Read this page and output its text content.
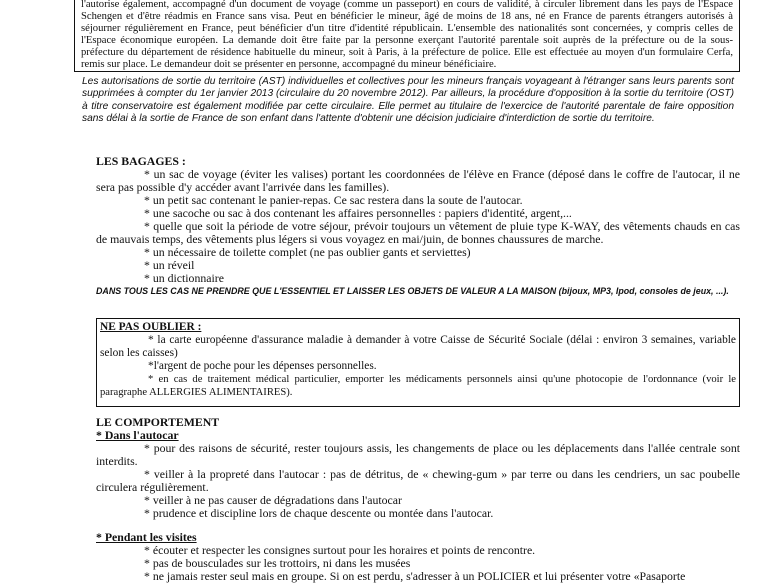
l'autorise également, accompagné d'un document de voyage (comme un passeport) en cours de validité, à circuler librement dans les pays de l'Espace Schengen et d'être réadmis en France sans visa. Peut en bénéficier le mineur, âgé de moins de 18 ans, né en France de parents étrangers autorisés à séjourner régulièrement en France, peut bénéficier d'un titre d'identité républicain. L'ensemble des nationalités sont concernées, y compris celles de l'Espace économique européen. La demande doit être faite par la personne exerçant l'autorité parentale soit auprès de la préfecture ou de la sous-préfecture du département de résidence habituelle du mineur, soit à Paris, à la préfecture de police. Elle est effectuée au moyen d'un formulaire Cerfa, remis sur place. Le demandeur doit se présenter en personne, accompagné du mineur bénéficiaire.

Les autorisations de sortie du territoire (AST) individuelles et collectives pour les mineurs français voyageant à l'étranger sans leurs parents sont supprimées à compter du 1er janvier 2013 (circulaire du 20 novembre 2012). Par ailleurs, la procédure d'opposition à la sortie du territoire (OST) à titre conservatoire est également modifiée par cette circulaire. Elle permet au titulaire de l'exercice de l'autorité parentale de faire opposition sans délai à la sortie de France de son enfant dans l'attente d'obtenir une décision judiciaire d'interdiction de sortie du territoire.

LES BAGAGES :

* un sac de voyage (éviter les valises) portant les coordonnées de l'élève en France (déposé dans le coffre de l'autocar, il ne sera pas possible d'y accéder avant l'arrivée dans les familles).

* un petit sac contenant le panier-repas. Ce sac restera dans la soute de l'autocar.

* une sacoche ou sac à dos contenant les affaires personnelles : papiers d'identité, argent,...

* quelle que soit la période de votre séjour, prévoir toujours un vêtement de pluie type K-WAY, des vêtements chauds en cas de mauvais temps, des vêtements plus légers si vous voyagez en mai/juin, de bonnes chaussures de marche.

* un nécessaire de toilette complet (ne pas oublier gants et serviettes)

* un réveil

* un dictionnaire

DANS TOUS LES CAS NE PRENDRE QUE L'ESSENTIEL ET LAISSER LES OBJETS DE VALEUR A LA MAISON (bijoux, MP3, Ipod, consoles de jeux, ...).

NE PAS OUBLIER :

* la carte européenne d'assurance maladie à demander à votre Caisse de Sécurité Sociale (délai : environ 3 semaines, variable selon les caisses)

*l'argent de poche pour les dépenses personnelles.

* en cas de traitement médical particulier, emporter les médicaments personnels ainsi qu'une photocopie de l'ordonnance (voir le paragraphe ALLERGIES ALIMENTAIRES).

LE COMPORTEMENT

* Dans l'autocar

* pour des raisons de sécurité, rester toujours assis, les changements de place ou les déplacements dans l'allée centrale sont interdits.

* veiller à la propreté dans l'autocar : pas de détritus, de « chewing-gum » par terre ou dans les cendriers, un sac poubelle circulera régulièrement.

* veiller à ne pas causer de dégradations dans l'autocar

* prudence et discipline lors de chaque descente ou montée dans l'autocar.

* Pendant les visites

* écouter et respecter les consignes surtout pour les horaires et points de rencontre.

* pas de bousculades sur les trottoirs, ni dans les musées

* ne jamais rester seul mais en groupe. Si on est perdu, s'adresser à un POLICIER et lui présenter votre «Pasaporte
